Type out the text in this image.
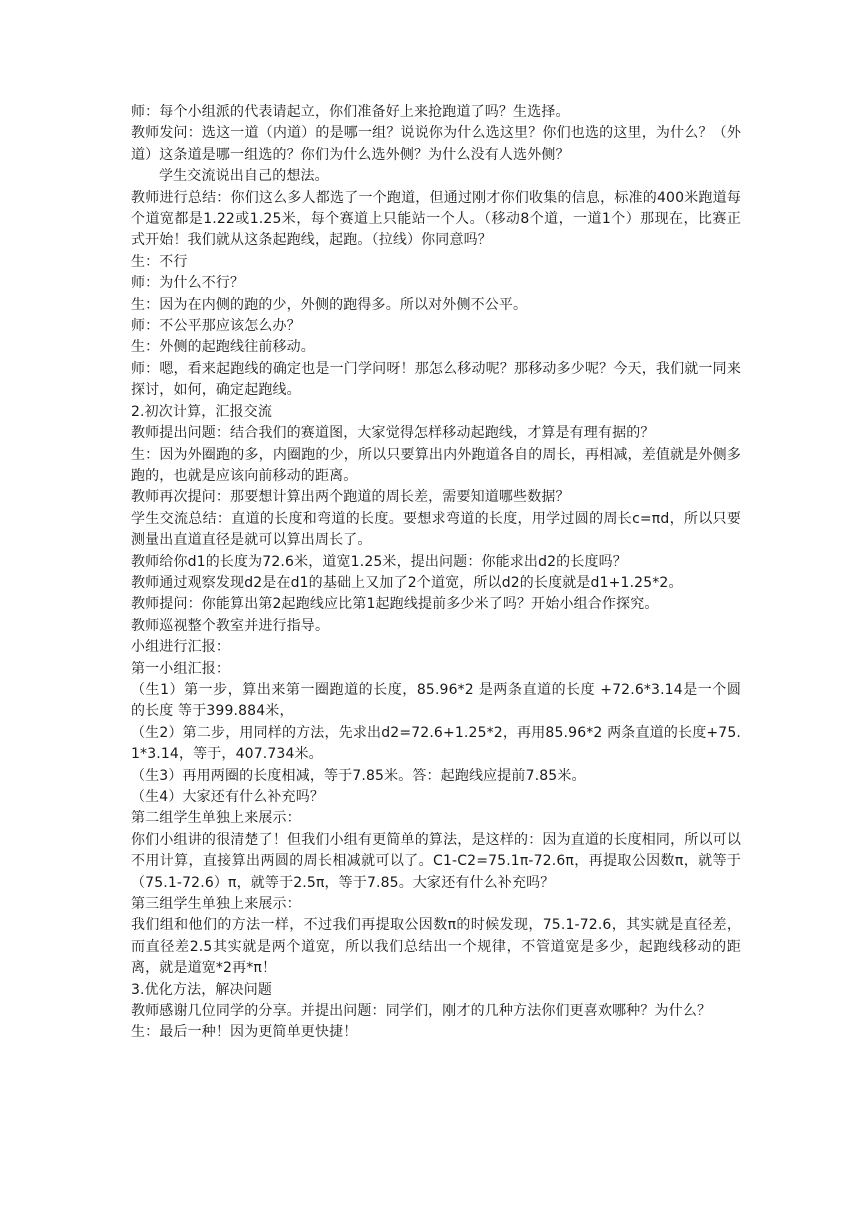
师：每个小组派的代表请起立，你们准备好上来抢跑道了吗？生选择。

教师发问：选这一道（内道）的是哪一组？说说你为什么选这里？你们也选的这里，为什么？（外道）这条道是哪一组选的？你们为什么选外侧？为什么没有人选外侧？

学生交流说出自己的想法。

教师进行总结：你们这么多人都选了一个跑道，但通过刚才你们收集的信息，标准的400米跑道每个道宽都是1.22或1.25米，每个赛道上只能站一个人。（移动8个道，一道1个）那现在，比赛正式开始！我们就从这条起跑线，起跑。（拉线）你同意吗？

生：不行

师：为什么不行？

生：因为在内侧的跑的少，外侧的跑得多。所以对外侧不公平。

师：不公平那应该怎么办？

生：外侧的起跑线往前移动。

师：嗯，看来起跑线的确定也是一门学问呀！那怎么移动呢？那移动多少呢？今天，我们就一同来探讨，如何，确定起跑线。

2.初次计算，汇报交流

教师提出问题：结合我们的赛道图，大家觉得怎样移动起跑线，才算是有理有据的？

生：因为外圈跑的多，内圈跑的少，所以只要算出内外跑道各自的周长，再相减，差值就是外侧多跑的，也就是应该向前移动的距离。

教师再次提问：那要想计算出两个跑道的周长差，需要知道哪些数据？

学生交流总结：直道的长度和弯道的长度。要想求弯道的长度，用学过圆的周长c=πd，所以只要测量出直道直径是就可以算出周长了。

教师给你d1的长度为72.6米，道宽1.25米，提出问题：你能求出d2的长度吗？

教师通过观察发现d2是在d1的基础上又加了2个道宽，所以d2的长度就是d1+1.25*2。

教师提问：你能算出第2起跑线应比第1起跑线提前多少米了吗？开始小组合作探究。

教师巡视整个教室并进行指导。

小组进行汇报：

第一小组汇报：

（生1）第一步，算出来第一圈跑道的长度，85.96*2 是两条直道的长度 +72.6*3.14是一个圆的长度 等于399.884米，

（生2）第二步，用同样的方法，先求出d2=72.6+1.25*2，再用85.96*2 两条直道的长度+75.1*3.14，等于，407.734米。

（生3）再用两圈的长度相减，等于7.85米。答：起跑线应提前7.85米。

（生4）大家还有什么补充吗？

第二组学生单独上来展示：

你们小组讲的很清楚了！但我们小组有更简单的算法，是这样的：因为直道的长度相同，所以可以不用计算，直接算出两圆的周长相减就可以了。C1-C2=75.1π-72.6π，再提取公因数π，就等于（75.1-72.6）π，就等于2.5π，等于7.85。大家还有什么补充吗？

第三组学生单独上来展示：

我们组和他们的方法一样，不过我们再提取公因数π的时候发现，75.1-72.6，其实就是直径差，而直径差2.5其实就是两个道宽，所以我们总结出一个规律，不管道宽是多少，起跑线移动的距离，就是道宽*2再*π！

3.优化方法，解决问题

教师感谢几位同学的分享。并提出问题：同学们，刚才的几种方法你们更喜欢哪种？为什么？

生：最后一种！因为更简单更快捷！
